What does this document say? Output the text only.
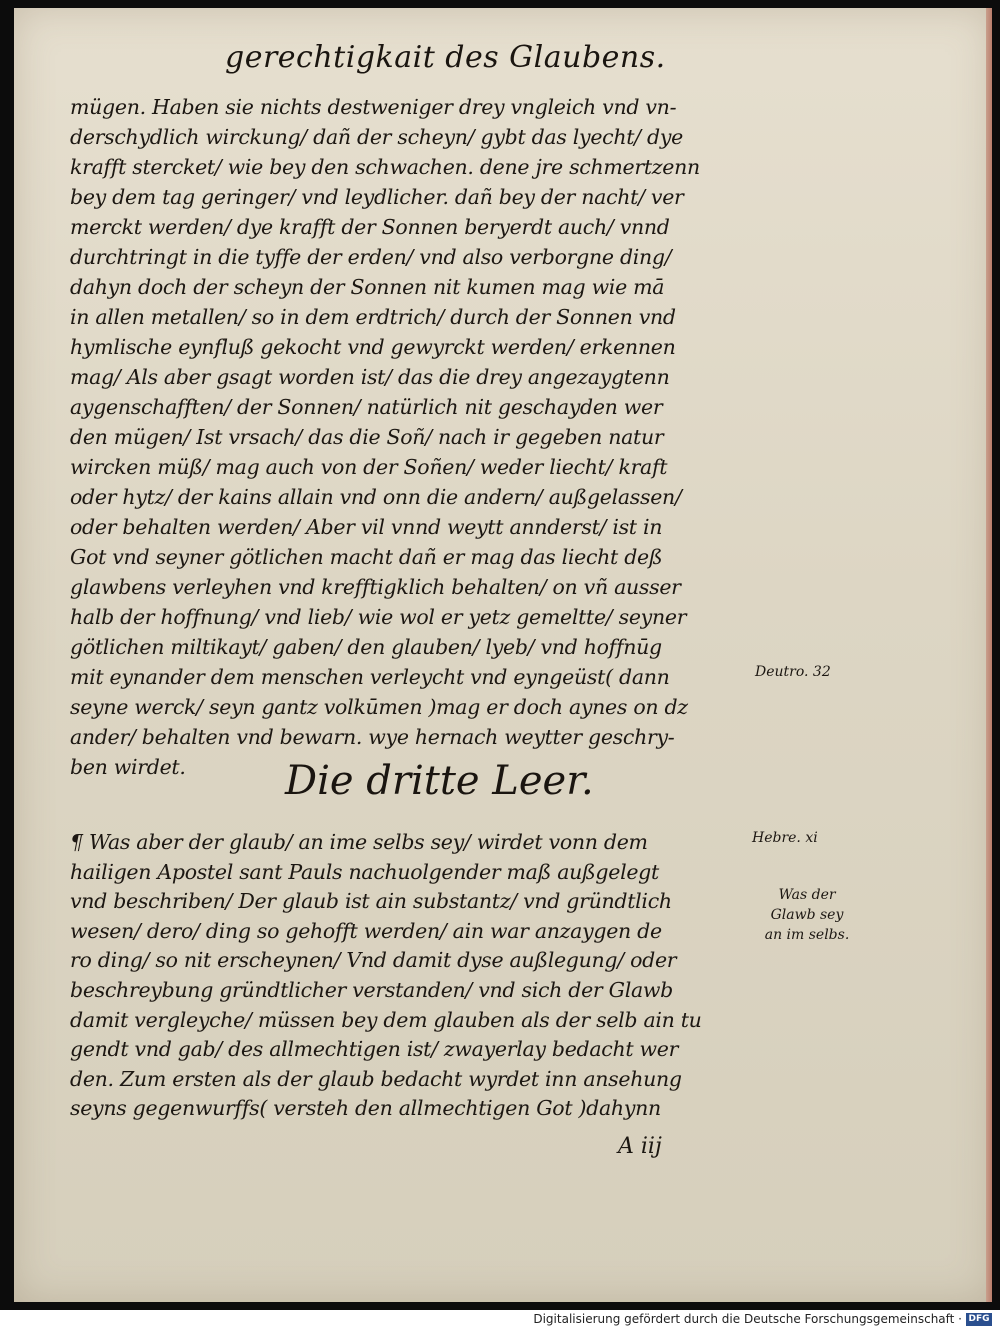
gerechtigkait des Glaubens.
mügen. Haben sie nichts destweniger drey vngleich vnd vn-
derschydlich wirckung/ dañ der scheyn/ gybt das lyecht/ dye
krafft stercket/ wie bey den schwachen. dene jre schmertzenn
bey dem tag geringer/ vnd leydlicher. dañ bey der nacht/ ver
merckt werden/ dye krafft der Sonnen beryerdt auch/ vnnd
durchtringt in die tyffe der erden/ vnd also verborgne ding/
dahyn doch der scheyn der Sonnen nit kumen mag wie mā
in allen metallen/ so in dem erdtrich/ durch der Sonnen vnd
hymlische eynfluß gekocht vnd gewyrckt werden/ erkennen
mag/ Als aber gsagt worden ist/ das die drey angezaygtenn
aygenschafften/ der Sonnen/ natürlich nit geschayden wer
den mügen/ Ist vrsach/ das die Soñ/ nach ir gegeben natur
wircken müß/ mag auch von der Soñen/ weder liecht/ kraft
oder hytz/ der kains allain vnd onn die andern/ außgelassen/
oder behalten werden/ Aber vil vnnd weytt annderst/ ist in
Got vnd seyner götlichen macht dañ er mag das liecht deß
glawbens verleyhen vnd krefftigklich behalten/ on vñ ausser
halb der hoffnung/ vnd lieb/ wie wol er yetz gemeltte/ seyner
götlichen miltikayt/ gaben/ den glauben/ lyeb/ vnd hoffnūg
mit eynander dem menschen verleycht vnd eyngeüst( dann
seyne werck/ seyn gantz volkūmen )mag er doch aynes on dz
ander/ behalten vnd bewarn. wye hernach weytter geschry-
ben wirdet.	Die dritte Leer.
¶ Was aber der glaub/ an ime selbs sey/ wirdet vonn dem
hailigen Apostel sant Pauls nachuolgender maß außgelegt
vnd beschriben/ Der glaub ist ain substantz/ vnd gründtlich
wesen/ dero/ ding so gehofft werden/ ain war anzaygen de
ro ding/ so nit erscheynen/ Vnd damit dyse außlegung/ oder
beschreybung gründtlicher verstanden/ vnd sich der Glawb
damit vergleyche/ müssen bey dem glauben als der selb ain tu
gendt vnd gab/ des allmechtigen ist/ zwayerlay bedacht wer
den. Zum ersten als der glaub bedacht wyrdet inn ansehung
seyns gegenwurffs( versteh den allmechtigen Got )dahynn
Deutro. 32
Hebre. xi
Was der
Glawb sey
an im selbs.
A iij
Digitalisierung gefördert durch die Deutsche Forschungsgemeinschaft · DFG
